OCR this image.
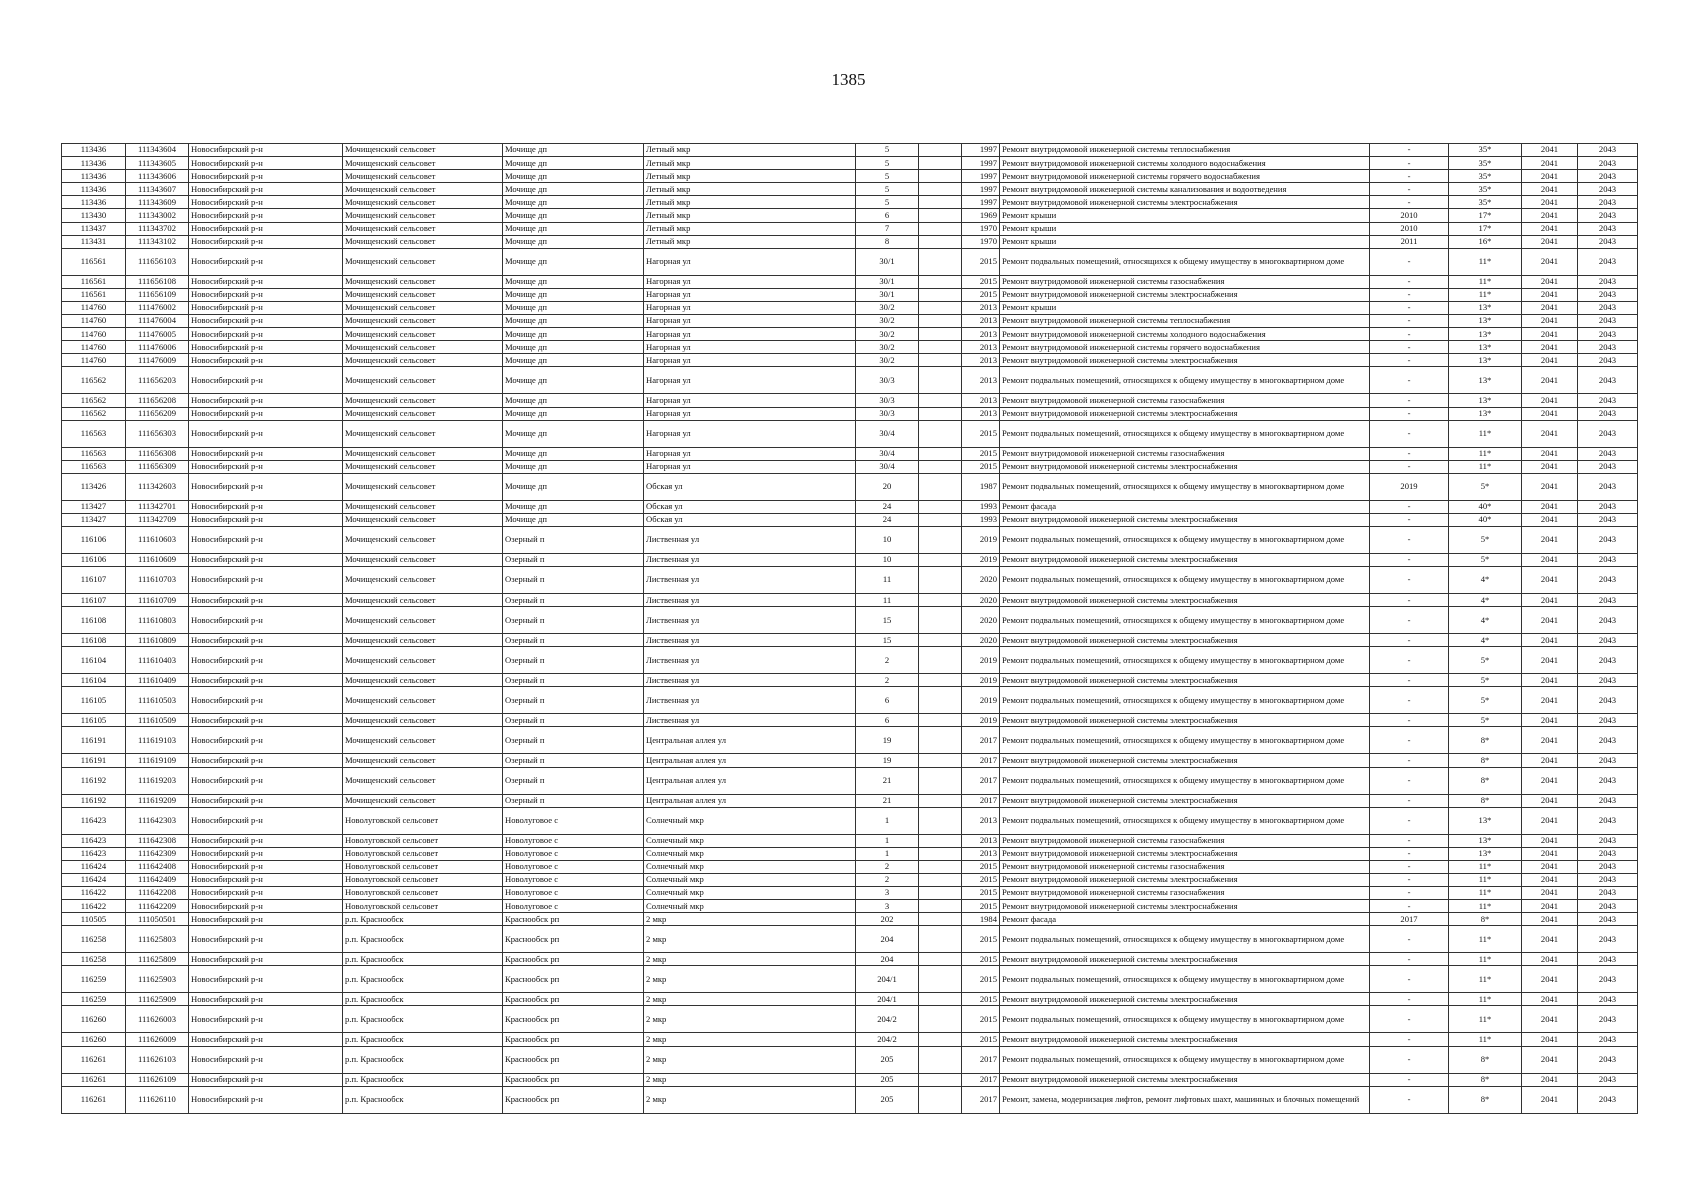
1385
113436	111343604	Новосибирский р-н	Мочищенский сельсовет	Мочище дп	Летный мкр	5		1997	Ремонт внутридомовой инженерной системы теплоснабжения	-	35*	2041	2043
113436	111343605	Новосибирский р-н	Мочищенский сельсовет	Мочище дп	Летный мкр	5		1997	Ремонт внутридомовой инженерной системы холодного водоснабжения	-	35*	2041	2043
113436	111343606	Новосибирский р-н	Мочищенский сельсовет	Мочище дп	Летный мкр	5		1997	Ремонт внутридомовой инженерной системы горячего водоснабжения	-	35*	2041	2043
113436	111343607	Новосибирский р-н	Мочищенский сельсовет	Мочище дп	Летный мкр	5		1997	Ремонт внутридомовой инженерной системы канализования и водоотведения	-	35*	2041	2043
113436	111343609	Новосибирский р-н	Мочищенский сельсовет	Мочище дп	Летный мкр	5		1997	Ремонт внутридомовой инженерной системы электроснабжения	-	35*	2041	2043
113430	111343002	Новосибирский р-н	Мочищенский сельсовет	Мочище дп	Летный мкр	6		1969	Ремонт крыши	2010	17*	2041	2043
113437	111343702	Новосибирский р-н	Мочищенский сельсовет	Мочище дп	Летный мкр	7		1970	Ремонт крыши	2010	17*	2041	2043
113431	111343102	Новосибирский р-н	Мочищенский сельсовет	Мочище дп	Летный мкр	8		1970	Ремонт крыши	2011	16*	2041	2043
116561	111656103	Новосибирский р-н	Мочищенский сельсовет	Мочище дп	Нагорная ул	30/1		2015	Ремонт подвальных помещений, относящихся к общему имуществу в многоквартирном доме	-	11*	2041	2043
116561	111656108	Новосибирский р-н	Мочищенский сельсовет	Мочище дп	Нагорная ул	30/1		2015	Ремонт внутридомовой инженерной системы газоснабжения	-	11*	2041	2043
116561	111656109	Новосибирский р-н	Мочищенский сельсовет	Мочище дп	Нагорная ул	30/1		2015	Ремонт внутридомовой инженерной системы электроснабжения	-	11*	2041	2043
114760	111476002	Новосибирский р-н	Мочищенский сельсовет	Мочище дп	Нагорная ул	30/2		2013	Ремонт крыши	-	13*	2041	2043
114760	111476004	Новосибирский р-н	Мочищенский сельсовет	Мочище дп	Нагорная ул	30/2		2013	Ремонт внутридомовой инженерной системы теплоснабжения	-	13*	2041	2043
114760	111476005	Новосибирский р-н	Мочищенский сельсовет	Мочище дп	Нагорная ул	30/2		2013	Ремонт внутридомовой инженерной системы холодного водоснабжения	-	13*	2041	2043
114760	111476006	Новосибирский р-н	Мочищенский сельсовет	Мочище дп	Нагорная ул	30/2		2013	Ремонт внутридомовой инженерной системы горячего водоснабжения	-	13*	2041	2043
114760	111476009	Новосибирский р-н	Мочищенский сельсовет	Мочище дп	Нагорная ул	30/2		2013	Ремонт внутридомовой инженерной системы электроснабжения	-	13*	2041	2043
116562	111656203	Новосибирский р-н	Мочищенский сельсовет	Мочище дп	Нагорная ул	30/3		2013	Ремонт подвальных помещений, относящихся к общему имуществу в многоквартирном доме	-	13*	2041	2043
116562	111656208	Новосибирский р-н	Мочищенский сельсовет	Мочище дп	Нагорная ул	30/3		2013	Ремонт внутридомовой инженерной системы газоснабжения	-	13*	2041	2043
116562	111656209	Новосибирский р-н	Мочищенский сельсовет	Мочище дп	Нагорная ул	30/3		2013	Ремонт внутридомовой инженерной системы электроснабжения	-	13*	2041	2043
116563	111656303	Новосибирский р-н	Мочищенский сельсовет	Мочище дп	Нагорная ул	30/4		2015	Ремонт подвальных помещений, относящихся к общему имуществу в многоквартирном доме	-	11*	2041	2043
116563	111656308	Новосибирский р-н	Мочищенский сельсовет	Мочище дп	Нагорная ул	30/4		2015	Ремонт внутридомовой инженерной системы газоснабжения	-	11*	2041	2043
116563	111656309	Новосибирский р-н	Мочищенский сельсовет	Мочище дп	Нагорная ул	30/4		2015	Ремонт внутридомовой инженерной системы электроснабжения	-	11*	2041	2043
113426	111342603	Новосибирский р-н	Мочищенский сельсовет	Мочище дп	Обская ул	20		1987	Ремонт подвальных помещений, относящихся к общему имуществу в многоквартирном доме	2019	5*	2041	2043
113427	111342701	Новосибирский р-н	Мочищенский сельсовет	Мочище дп	Обская ул	24		1993	Ремонт фасада	-	40*	2041	2043
113427	111342709	Новосибирский р-н	Мочищенский сельсовет	Мочище дп	Обская ул	24		1993	Ремонт внутридомовой инженерной системы электроснабжения	-	40*	2041	2043
116106	111610603	Новосибирский р-н	Мочищенский сельсовет	Озерный п	Лиственная ул	10		2019	Ремонт подвальных помещений, относящихся к общему имуществу в многоквартирном доме	-	5*	2041	2043
116106	111610609	Новосибирский р-н	Мочищенский сельсовет	Озерный п	Лиственная ул	10		2019	Ремонт внутридомовой инженерной системы электроснабжения	-	5*	2041	2043
116107	111610703	Новосибирский р-н	Мочищенский сельсовет	Озерный п	Лиственная ул	11		2020	Ремонт подвальных помещений, относящихся к общему имуществу в многоквартирном доме	-	4*	2041	2043
116107	111610709	Новосибирский р-н	Мочищенский сельсовет	Озерный п	Лиственная ул	11		2020	Ремонт внутридомовой инженерной системы электроснабжения	-	4*	2041	2043
116108	111610803	Новосибирский р-н	Мочищенский сельсовет	Озерный п	Лиственная ул	15		2020	Ремонт подвальных помещений, относящихся к общему имуществу в многоквартирном доме	-	4*	2041	2043
116108	111610809	Новосибирский р-н	Мочищенский сельсовет	Озерный п	Лиственная ул	15		2020	Ремонт внутридомовой инженерной системы электроснабжения	-	4*	2041	2043
116104	111610403	Новосибирский р-н	Мочищенский сельсовет	Озерный п	Лиственная ул	2		2019	Ремонт подвальных помещений, относящихся к общему имуществу в многоквартирном доме	-	5*	2041	2043
116104	111610409	Новосибирский р-н	Мочищенский сельсовет	Озерный п	Лиственная ул	2		2019	Ремонт внутридомовой инженерной системы электроснабжения	-	5*	2041	2043
116105	111610503	Новосибирский р-н	Мочищенский сельсовет	Озерный п	Лиственная ул	6		2019	Ремонт подвальных помещений, относящихся к общему имуществу в многоквартирном доме	-	5*	2041	2043
116105	111610509	Новосибирский р-н	Мочищенский сельсовет	Озерный п	Лиственная ул	6		2019	Ремонт внутридомовой инженерной системы электроснабжения	-	5*	2041	2043
116191	111619103	Новосибирский р-н	Мочищенский сельсовет	Озерный п	Центральная аллея ул	19		2017	Ремонт подвальных помещений, относящихся к общему имуществу в многоквартирном доме	-	8*	2041	2043
116191	111619109	Новосибирский р-н	Мочищенский сельсовет	Озерный п	Центральная аллея ул	19		2017	Ремонт внутридомовой инженерной системы электроснабжения	-	8*	2041	2043
116192	111619203	Новосибирский р-н	Мочищенский сельсовет	Озерный п	Центральная аллея ул	21		2017	Ремонт подвальных помещений, относящихся к общему имуществу в многоквартирном доме	-	8*	2041	2043
116192	111619209	Новосибирский р-н	Мочищенский сельсовет	Озерный п	Центральная аллея ул	21		2017	Ремонт внутридомовой инженерной системы электроснабжения	-	8*	2041	2043
116423	111642303	Новосибирский р-н	Новолуговской сельсовет	Новолуговое с	Солнечный мкр	1		2013	Ремонт подвальных помещений, относящихся к общему имуществу в многоквартирном доме	-	13*	2041	2043
116423	111642308	Новосибирский р-н	Новолуговской сельсовет	Новолуговое с	Солнечный мкр	1		2013	Ремонт внутридомовой инженерной системы газоснабжения	-	13*	2041	2043
116423	111642309	Новосибирский р-н	Новолуговской сельсовет	Новолуговое с	Солнечный мкр	1		2013	Ремонт внутридомовой инженерной системы электроснабжения	-	13*	2041	2043
116424	111642408	Новосибирский р-н	Новолуговской сельсовет	Новолуговое с	Солнечный мкр	2		2015	Ремонт внутридомовой инженерной системы газоснабжения	-	11*	2041	2043
116424	111642409	Новосибирский р-н	Новолуговской сельсовет	Новолуговое с	Солнечный мкр	2		2015	Ремонт внутридомовой инженерной системы электроснабжения	-	11*	2041	2043
116422	111642208	Новосибирский р-н	Новолуговской сельсовет	Новолуговое с	Солнечный мкр	3		2015	Ремонт внутридомовой инженерной системы газоснабжения	-	11*	2041	2043
116422	111642209	Новосибирский р-н	Новолуговской сельсовет	Новолуговое с	Солнечный мкр	3		2015	Ремонт внутридомовой инженерной системы электроснабжения	-	11*	2041	2043
110505	111050501	Новосибирский р-н	р.п. Краснообск	Краснообск рп	2 мкр	202		1984	Ремонт фасада	2017	8*	2041	2043
116258	111625803	Новосибирский р-н	р.п. Краснообск	Краснообск рп	2 мкр	204		2015	Ремонт подвальных помещений, относящихся к общему имуществу в многоквартирном доме	-	11*	2041	2043
116258	111625809	Новосибирский р-н	р.п. Краснообск	Краснообск рп	2 мкр	204		2015	Ремонт внутридомовой инженерной системы электроснабжения	-	11*	2041	2043
116259	111625903	Новосибирский р-н	р.п. Краснообск	Краснообск рп	2 мкр	204/1		2015	Ремонт подвальных помещений, относящихся к общему имуществу в многоквартирном доме	-	11*	2041	2043
116259	111625909	Новосибирский р-н	р.п. Краснообск	Краснообск рп	2 мкр	204/1		2015	Ремонт внутридомовой инженерной системы электроснабжения	-	11*	2041	2043
116260	111626003	Новосибирский р-н	р.п. Краснообск	Краснообск рп	2 мкр	204/2		2015	Ремонт подвальных помещений, относящихся к общему имуществу в многоквартирном доме	-	11*	2041	2043
116260	111626009	Новосибирский р-н	р.п. Краснообск	Краснообск рп	2 мкр	204/2		2015	Ремонт внутридомовой инженерной системы электроснабжения	-	11*	2041	2043
116261	111626103	Новосибирский р-н	р.п. Краснообск	Краснообск рп	2 мкр	205		2017	Ремонт подвальных помещений, относящихся к общему имуществу в многоквартирном доме	-	8*	2041	2043
116261	111626109	Новосибирский р-н	р.п. Краснообск	Краснообск рп	2 мкр	205		2017	Ремонт внутридомовой инженерной системы электроснабжения	-	8*	2041	2043
116261	111626110	Новосибирский р-н	р.п. Краснообск	Краснообск рп	2 мкр	205		2017	Ремонт, замена, модернизация лифтов, ремонт лифтовых шахт, машинных и блочных помещений	-	8*	2041	2043
